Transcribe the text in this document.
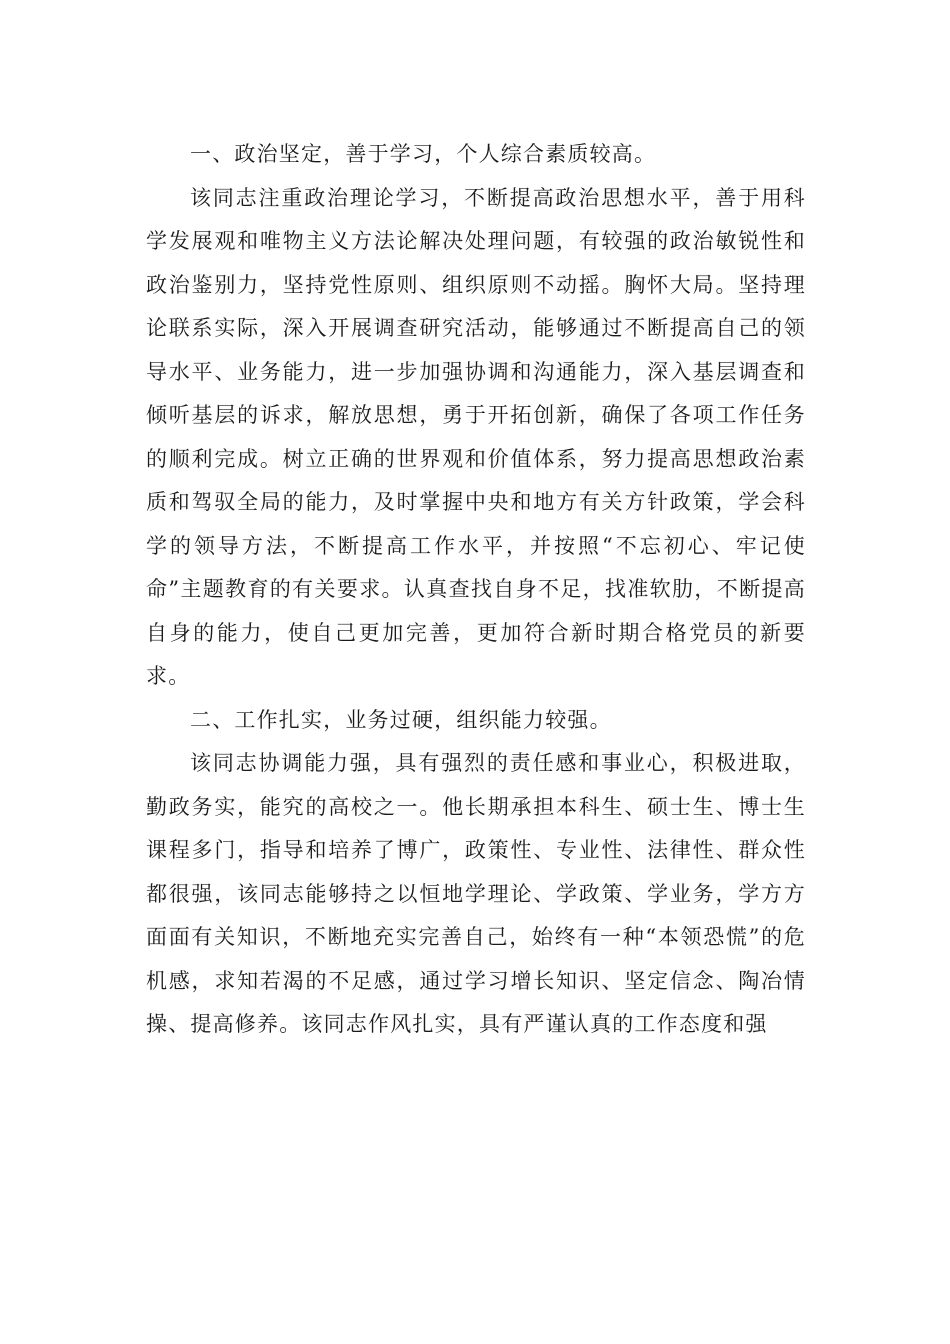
一、政治坚定，善于学习，个人综合素质较高。

该同志注重政治理论学习，不断提高政治思想水平，善于用科学发展观和唯物主义方法论解决处理问题，有较强的政治敏锐性和政治鉴别力，坚持党性原则、组织原则不动摇。胸怀大局。坚持理论联系实际，深入开展调查研究活动，能够通过不断提高自己的领导水平、业务能力，进一步加强协调和沟通能力，深入基层调查和倾听基层的诉求，解放思想，勇于开拓创新，确保了各项工作任务的顺利完成。树立正确的世界观和价值体系，努力提高思想政治素质和驾驭全局的能力，及时掌握中央和地方有关方针政策，学会科学的领导方法，不断提高工作水平，并按照“不忘初心、牢记使命”主题教育的有关要求。认真查找自身不足，找准软肋，不断提高自身的能力，使自己更加完善，更加符合新时期合格党员的新要求。

二、工作扎实，业务过硬，组织能力较强。

该同志协调能力强，具有强烈的责任感和事业心，积极进取，勤政务实，能究的高校之一。他长期承担本科生、硕士生、博士生课程多门，指导和培养了博广，政策性、专业性、法律性、群众性都很强，该同志能够持之以恒地学理论、学政策、学业务，学方方面面有关知识，不断地充实完善自己，始终有一种“本领恐慌”的危机感，求知若渴的不足感，通过学习增长知识、坚定信念、陶冶情操、提高修养。该同志作风扎实，具有严谨认真的工作态度和强
